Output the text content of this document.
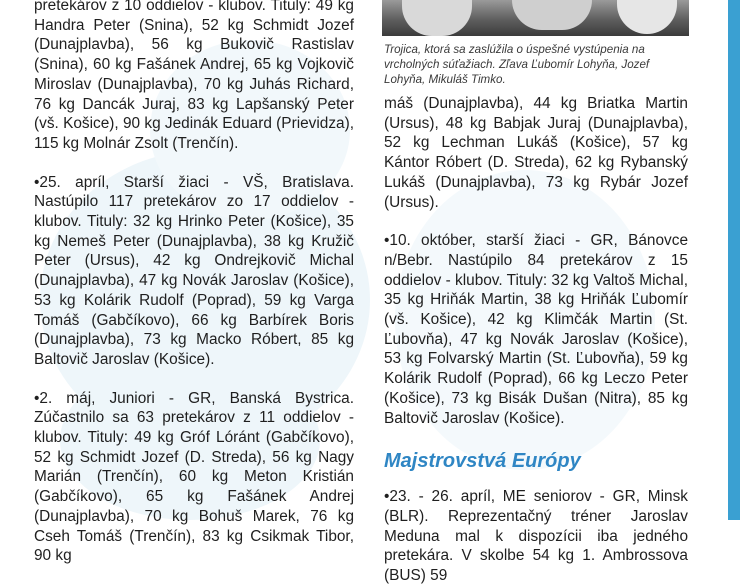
pretekárov z 10 oddielov - klubov. Tituly: 49 kg Handra Peter (Snina), 52 kg Schmidt Jozef (Dunajplavba), 56 kg Bukovič Rastislav (Snina), 60 kg Fašánek Andrej, 65 kg Vojkovič Miroslav (Dunajplavba), 70 kg Juhás Richard, 76 kg Dancák Juraj, 83 kg Lapšanský Peter (vš. Košice), 90 kg Jedinák Eduard (Prievidza), 115 kg Molnár Zsolt (Trenčín).

•25. apríl, Starší žiaci - VŠ, Bratislava. Nastúpilo 117 pretekárov zo 17 oddielov - klubov. Tituly: 32 kg Hrinko Peter (Košice), 35 kg Nemeš Peter (Dunajplavba), 38 kg Kružič Peter (Ursus), 42 kg Ondrejkovič Michal (Dunajplavba), 47 kg Novák Jaroslav (Košice), 53 kg Kolárik Rudolf (Poprad), 59 kg Varga Tomáš (Gabčíkovo), 66 kg Barbírek Boris (Dunajplavba), 73 kg Macko Róbert, 85 kg Baltovič Jaroslav (Košice).

•2. máj, Juniori - GR, Banská Bystrica. Zúčastnilo sa 63 pretekárov z 11 oddielov - klubov. Tituly: 49 kg Gróf Lóránt (Gabčíkovo), 52 kg Schmidt Jozef (D. Streda), 56 kg Nagy Marián (Trenčín), 60 kg Meton Kristián (Gabčíkovo), 65 kg Fašánek Andrej (Dunajplavba), 70 kg Bohuš Marek, 76 kg Cseh Tomáš (Trenčín), 83 kg Csikmak Tibor, 90 kg

Trojica, ktorá sa zaslúžila o úspešné vystúpenia na vrcholných súťažiach. Zľava Ľubomír Lohyňa, Jozef Lohyňa, Mikuláš Timko.

máš (Dunajplavba), 44 kg Briatka Martin (Ursus), 48 kg Babjak Juraj (Dunajplavba), 52 kg Lechman Lukáš (Košice), 57 kg Kántor Róbert (D. Streda), 62 kg Rybanský Lukáš (Dunajplavba), 73 kg Rybár Jozef (Ursus).

•10. október, starší žiaci - GR, Bánovce n/Bebr. Nastúpilo 84 pretekárov z 15 oddielov - klubov. Tituly: 32 kg Valtoš Michal, 35 kg Hriňák Martin, 38 kg Hriňák Ľubomír (vš. Košice), 42 kg Klimčák Martin (St. Ľubovňa), 47 kg Novák Jaroslav (Košice), 53 kg Folvarský Martin (St. Ľubovňa), 59 kg Kolárik Rudolf (Poprad), 66 kg Leczo Peter (Košice), 73 kg Bisák Dušan (Nitra), 85 kg Baltovič Jaroslav (Košice).

Majstrovstvá Európy

•23. - 26. apríl, ME seniorov - GR, Minsk (BLR). Reprezentačný tréner Jaroslav Meduna mal k dispozícii iba jedného pretekára. V skolbe 54 kg 1. Ambrossova (BUS) 59
